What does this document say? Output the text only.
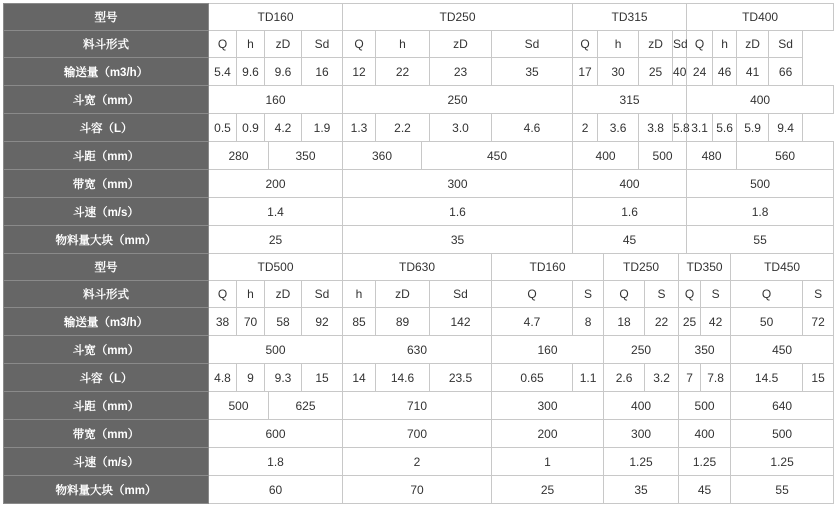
型号	TD160					TD250					TD315							TD400						
料斗形式	Q	h	zD		Sd	Q	h		zD	Sd	Q	h		zD		Sd		Q		h		zD	Sd	
输送量（m3/h）	5.4	9.6	9.6		16	12	22		23	35	17	30		25		40		24		46		41	66	
斗宽（mm）	160					250					315							400						
斗容（L）	0.5	0.9	4.2		1.9	1.3	2.2		3.0	4.6	2	3.6		3.8		5.8		3.1		5.6		5.9	9.4	
斗距（mm）	280			350		360		450			400			500				480				560		
带宽（mm）	200					300					400							500						
斗速（m/s）	1.4					1.6					1.6							1.8						
物料量大块（mm）	25					35					45							55						
型号	TD500					TD630				TD160			TD250				TD350				TD450			
料斗形式	Q	h	zD		Sd	h	zD		Sd	Q	S		Q		S		Q		S		Q			S
输送量（m3/h）	38	70	58		92	85	89		142	4.7	8		18		22		25		42		50			72
斗宽（mm）	500					630				160			250				350				450			
斗容（L）	4.8	9	9.3		15	14	14.6		23.5	0.65	1.1		2.6		3.2		7		7.8		14.5			15
斗距（mm）	500			625		710				300			400				500				640			
带宽（mm）	600					700				200			300				400				500			
斗速（m/s）	1.8					2				1			1.25				1.25				1.25			
物料量大块（mm）	60					70				25			35				45				55			
